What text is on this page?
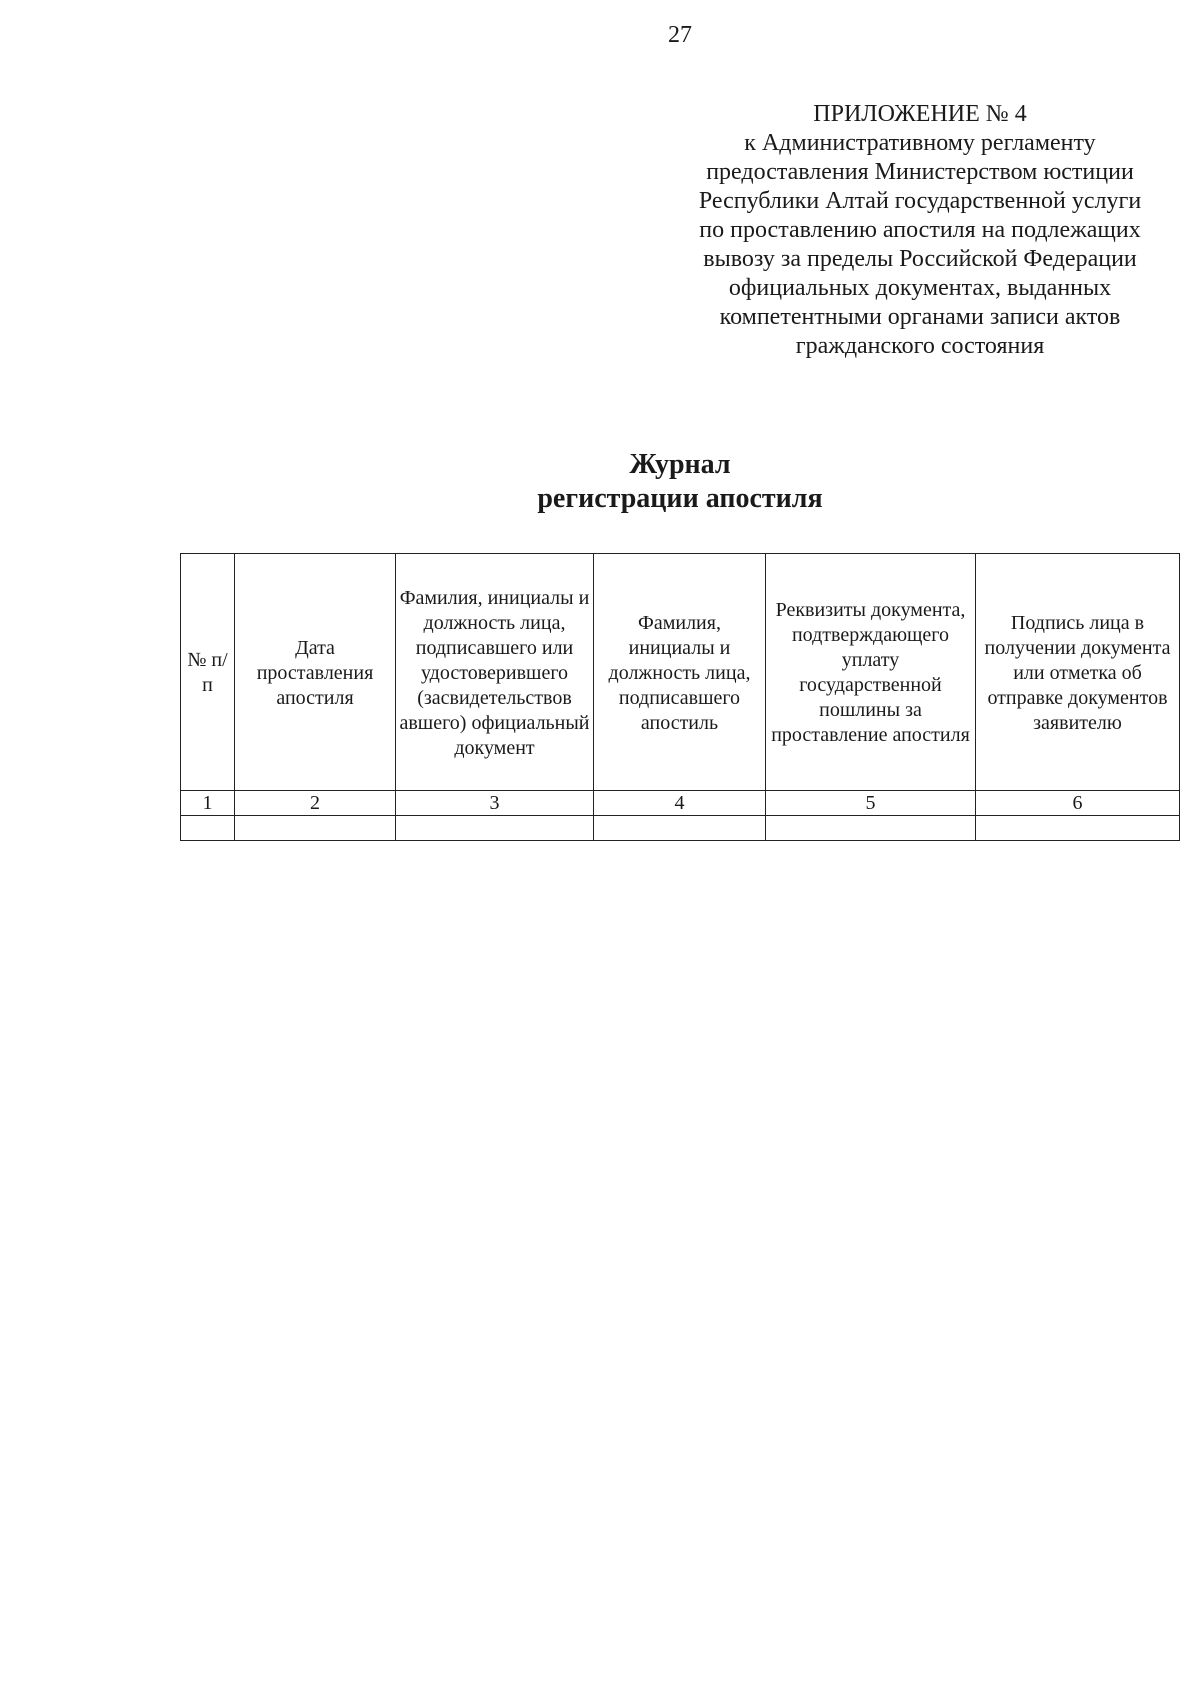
27
ПРИЛОЖЕНИЕ № 4
к Административному регламенту
предоставления Министерством юстиции
Республики Алтай государственной услуги
по проставлению апостиля на подлежащих
вывозу за пределы Российской Федерации
официальных документах, выданных
компетентными органами записи актов
гражданского состояния
Журнал
регистрации апостиля
№ п/п	Дата проставления апостиля	Фамилия, инициалы и должность лица, подписавшего или удостоверившего (засвидетельствов авшего) официальный документ	Фамилия, инициалы и должность лица, подписавшего апостиль	Реквизиты документа, подтверждающего уплату государственной пошлины за проставление апостиля	Подпись лица в получении документа или отметка об отправке документов заявителю
1	2	3	4	5	6
